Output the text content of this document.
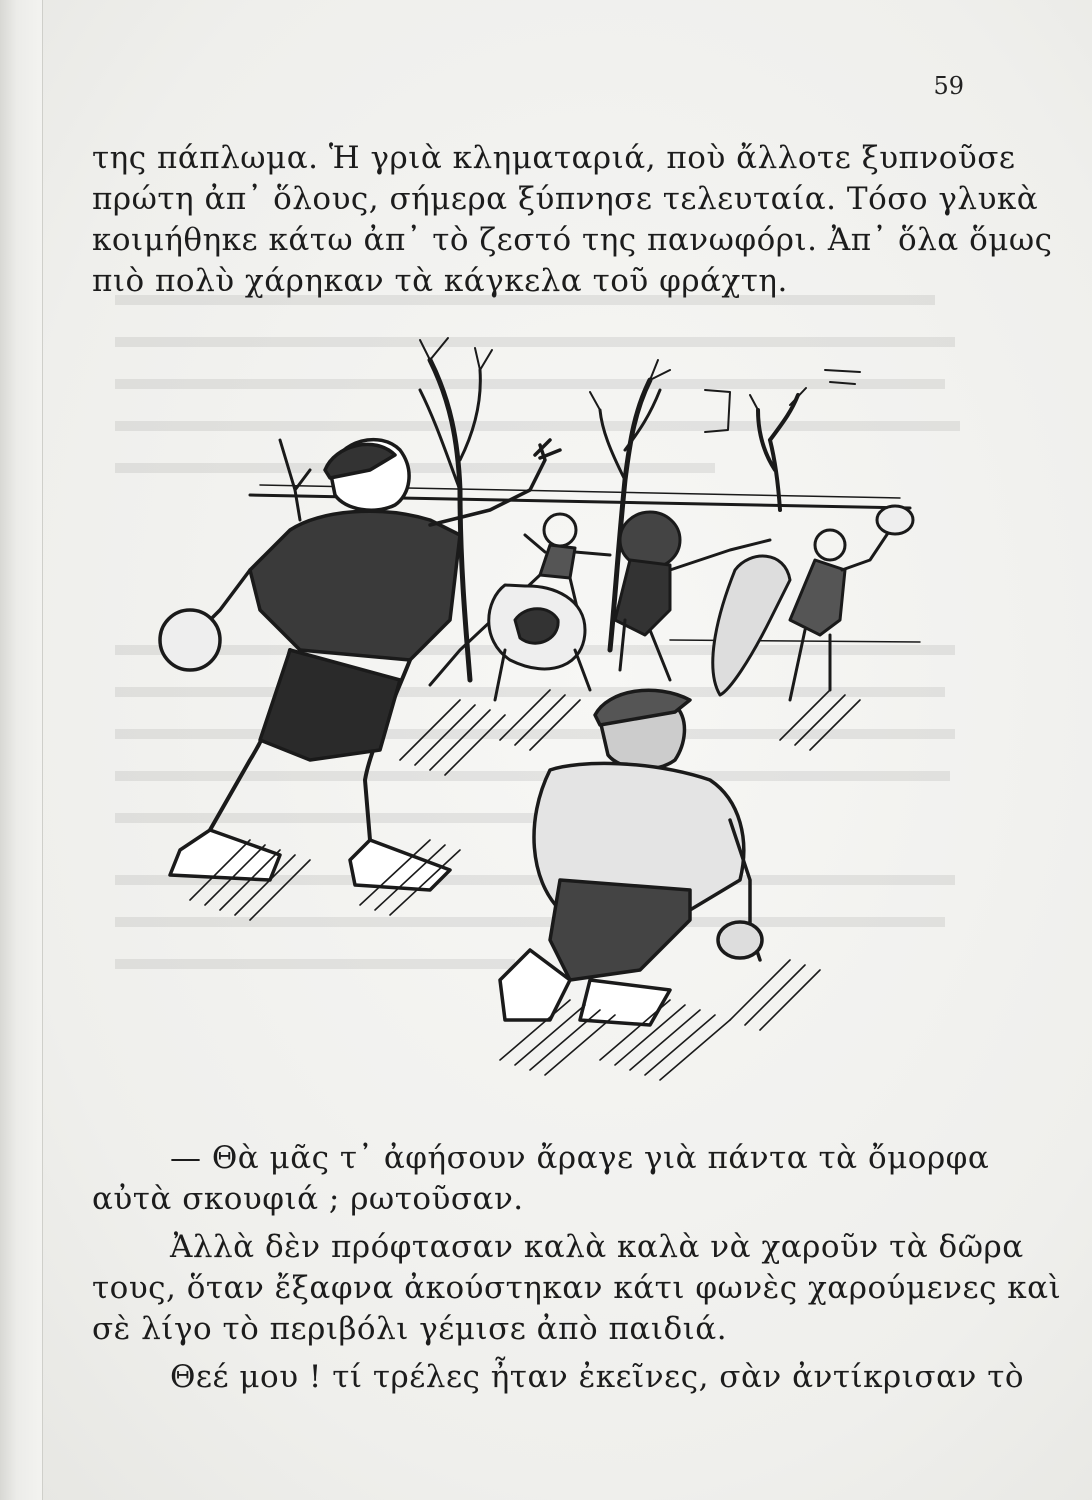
59

της πάπλωμα. Ἡ γριὰ κληματαριά, ποὺ ἄλλοτε ξυπνοῦσε
πρώτη ἀπ᾿ ὅλους, σήμερα ξύπνησε τελευταία. Τόσο γλυκὰ
κοιμήθηκε κάτω ἀπ᾿ τὸ ζεστό της πανωφόρι. Ἀπ᾿ ὅλα ὅμως
πιὸ πολὺ χάρηκαν τὰ κάγκελα τοῦ φράχτη.

— Θὰ μᾶς τ᾿ ἀφήσουν ἄραγε γιὰ πάντα τὰ ὄμορφα
αὐτὰ σκουφιά ; ρωτοῦσαν.
Ἀλλὰ δὲν πρόφτασαν καλὰ καλὰ νὰ χαροῦν τὰ δῶρα
τους, ὅταν ἔξαφνα ἀκούστηκαν κάτι φωνὲς χαρούμενες καὶ
σὲ λίγο τὸ περιβόλι γέμισε ἀπὸ παιδιά.
Θεέ μου ! τί τρέλες ἦταν ἐκεῖνες, σὰν ἀντίκρισαν τὸ
